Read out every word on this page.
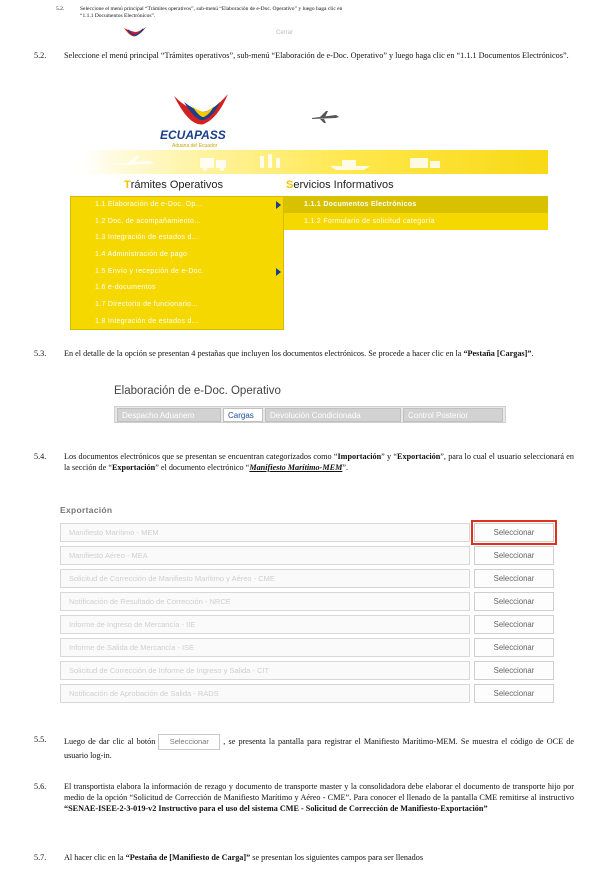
5.2.	Seleccione el menú principal “Trámites operativos”, sub-menú “Elaboración de e-Doc. Operativo” y luego haga clic en
“1.1.1 Documentos Electrónicos”.
Cerrar
5.2. Seleccione el menú principal “Trámites operativos”, sub-menú “Elaboración de e-Doc. Operativo” y luego haga clic en “1.1.1 Documentos Electrónicos”.
ECUAPASS
Aduana del Ecuador
Trámites Operativos	Servicios Informativos
1.1 Elaboración de e-Doc. Op...
1.2 Doc. de acompañamiento...
1.3 Integración de estados d...
1.4 Administración de pago
1.5 Envío y recepción de e-Doc.
1.6 e-documentos
1.7 Directorio de funcionario...
1.8 Integración de estados d...
1.1.1 Documentos Electrónicos
1.1.2 Formulario de solicitud categoría
5.3. En el detalle de la opción se presentan 4 pestañas que incluyen los documentos electrónicos. Se procede a hacer clic en la “Pestaña [Cargas]”.
Elaboración de e-Doc. Operativo
Despacho Aduanero	Cargas	Devolución Condicionada	Control Posterior
5.4. Los documentos electrónicos que se presentan se encuentran categorizados como “Importación” y “Exportación”, para lo cual el usuario seleccionará en la sección de “Exportación” el documento electrónico “Manifiesto Marítimo-MEM”.
Exportación
Manifiesto Marítimo - MEM	Seleccionar
Manifiesto Aéreo - MEA	Seleccionar
Solicitud de Corrección de Manifiesto Marítimo y Aéreo - CME	Seleccionar
Notificación de Resultado de Corrección - NRCE	Seleccionar
Informe de Ingreso de Mercancía - IIE	Seleccionar
Informe de Salida de Mercancía - ISE	Seleccionar
Solicitud de Corrección de Informe de Ingreso y Salida - CIT	Seleccionar
Notificación de Aprobación de Salida - RADS	Seleccionar
5.5. Luego de dar clic al botón Seleccionar , se presenta la pantalla para registrar el Manifiesto Marítimo-MEM. Se muestra el código de OCE de usuario log-in.
5.6. El transportista elabora la información de rezago y documento de transporte master y la consolidadora debe elaborar el documento de transporte hijo por medio de la opción “Solicitud de Corrección de Manifiesto Marítimo y Aéreo - CME”. Para conocer el llenado de la pantalla CME remitirse al instructivo “SENAE-ISEE-2-3-019-v2 Instructivo para el uso del sistema CME - Solicitud de Corrección de Manifiesto-Exportación”
5.7. Al hacer clic en la “Pestaña de [Manifiesto de Carga]” se presentan los siguientes campos para ser llenados
